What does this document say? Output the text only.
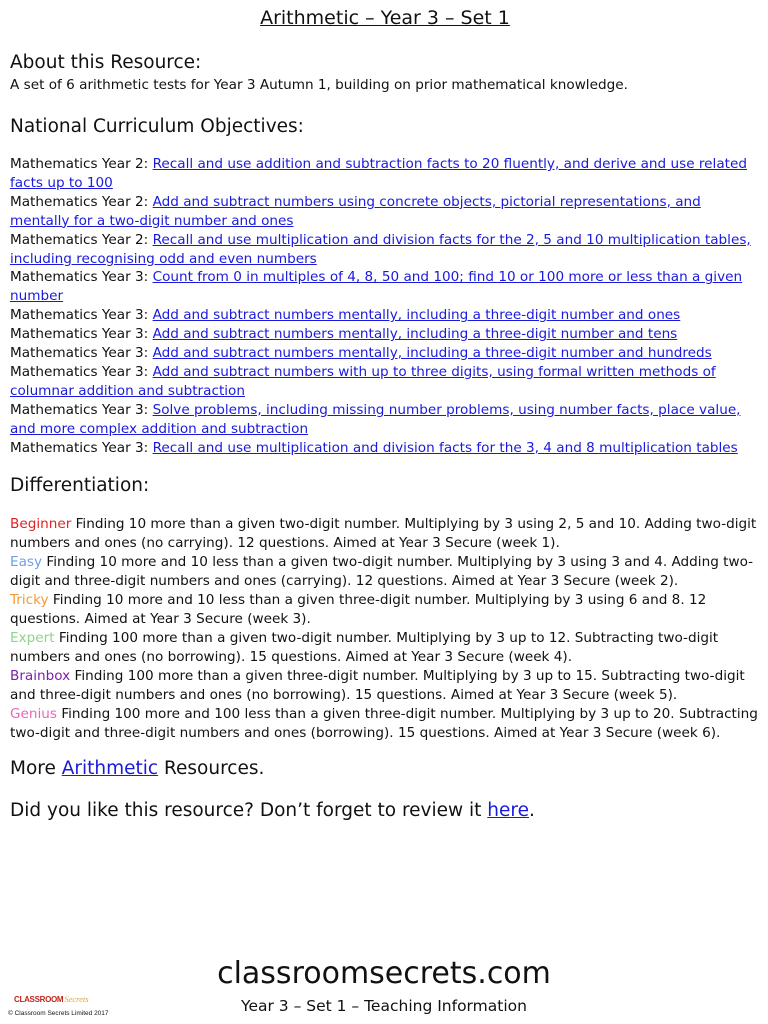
Arithmetic – Year 3 – Set 1
About this Resource:
A set of 6 arithmetic tests for Year 3 Autumn 1, building on prior mathematical knowledge.
National Curriculum Objectives:
Mathematics Year 2: Recall and use addition and subtraction facts to 20 fluently, and derive and use related facts up to 100
Mathematics Year 2: Add and subtract numbers using concrete objects, pictorial representations, and mentally for a two-digit number and ones
Mathematics Year 2: Recall and use multiplication and division facts for the 2, 5 and 10 multiplication tables, including recognising odd and even numbers
Mathematics Year 3: Count from 0 in multiples of 4, 8, 50 and 100; find 10 or 100 more or less than a given number
Mathematics Year 3: Add and subtract numbers mentally, including a three-digit number and ones
Mathematics Year 3: Add and subtract numbers mentally, including a three-digit number and tens
Mathematics Year 3: Add and subtract numbers mentally, including a three-digit number and hundreds
Mathematics Year 3: Add and subtract numbers with up to three digits, using formal written methods of columnar addition and subtraction
Mathematics Year 3: Solve problems, including missing number problems, using number facts, place value, and more complex addition and subtraction
Mathematics Year 3: Recall and use multiplication and division facts for the 3, 4 and 8 multiplication tables
Differentiation:
Beginner Finding 10 more than a given two-digit number. Multiplying by 3 using 2, 5 and 10. Adding two-digit numbers and ones (no carrying). 12 questions. Aimed at Year 3 Secure (week 1).
Easy Finding 10 more and 10 less than a given two-digit number. Multiplying by 3 using 3 and 4. Adding two-digit and three-digit numbers and ones (carrying). 12 questions. Aimed at Year 3 Secure (week 2).
Tricky Finding 10 more and 10 less than a given three-digit number. Multiplying by 3 using 6 and 8. 12 questions. Aimed at Year 3 Secure (week 3).
Expert Finding 100 more than a given two-digit number. Multiplying by 3 up to 12. Subtracting two-digit numbers and ones (no borrowing). 15 questions. Aimed at Year 3 Secure (week 4).
Brainbox Finding 100 more than a given three-digit number. Multiplying by 3 up to 15. Subtracting two-digit and three-digit numbers and ones (no borrowing). 15 questions. Aimed at Year 3 Secure (week 5).
Genius Finding 100 more and 100 less than a given three-digit number. Multiplying by 3 up to 20. Subtracting two-digit and three-digit numbers and ones (borrowing). 15 questions. Aimed at Year 3 Secure (week 6).
More Arithmetic Resources.
Did you like this resource? Don’t forget to review it here.
classroomsecrets.com
Year 3 – Set 1 – Teaching Information
CLASSROOM Secrets
© Classroom Secrets Limited 2017
